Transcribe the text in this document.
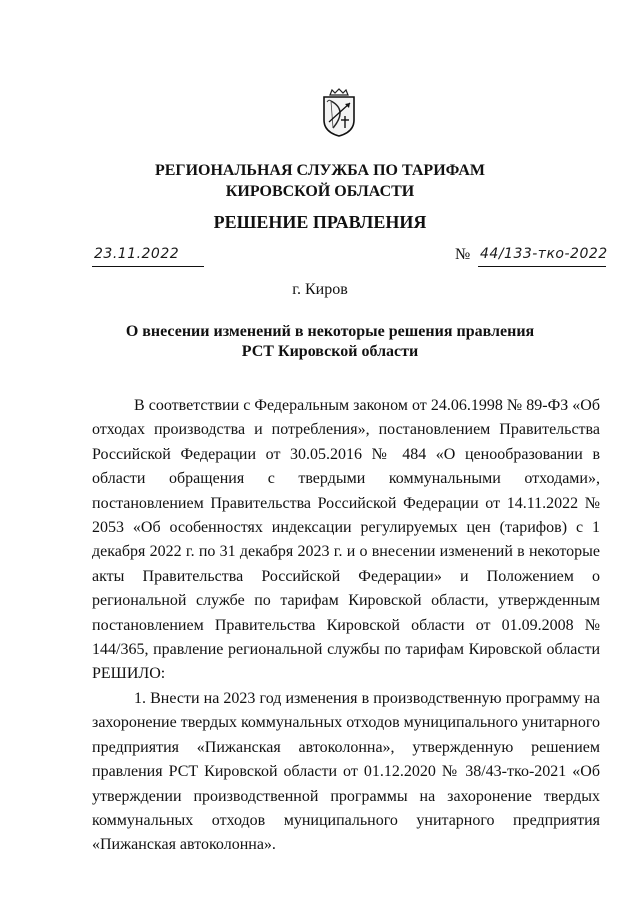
РЕГИОНАЛЬНАЯ СЛУЖБА ПО ТАРИФАМ
КИРОВСКОЙ ОБЛАСТИ
РЕШЕНИЕ ПРАВЛЕНИЯ
23.11.2022	№ 44/133-тко-2022
г. Киров
О внесении изменений в некоторые решения правления
РСТ Кировской области

В соответствии с Федеральным законом от 24.06.1998 № 89-ФЗ «Об отходах производства и потребления», постановлением Правительства Российской Федерации от 30.05.2016 № 484 «О ценообразовании в области обращения с твердыми коммунальными отходами», постановлением Правительства Российской Федерации от 14.11.2022 № 2053 «Об особенностях индексации регулируемых цен (тарифов) с 1 декабря 2022 г. по 31 декабря 2023 г. и о внесении изменений в некоторые акты Правительства Российской Федерации» и Положением о региональной службе по тарифам Кировской области, утвержденным постановлением Правительства Кировской области от 01.09.2008 № 144/365, правление региональной службы по тарифам Кировской области РЕШИЛО:

1. Внести на 2023 год изменения в производственную программу на захоронение твердых коммунальных отходов муниципального унитарного предприятия «Пижанская автоколонна», утвержденную решением правления РСТ Кировской области от 01.12.2020 № 38/43-тко-2021 «Об утверждении производственной программы на захоронение твердых коммунальных отходов муниципального унитарного предприятия «Пижанская автоколонна».
